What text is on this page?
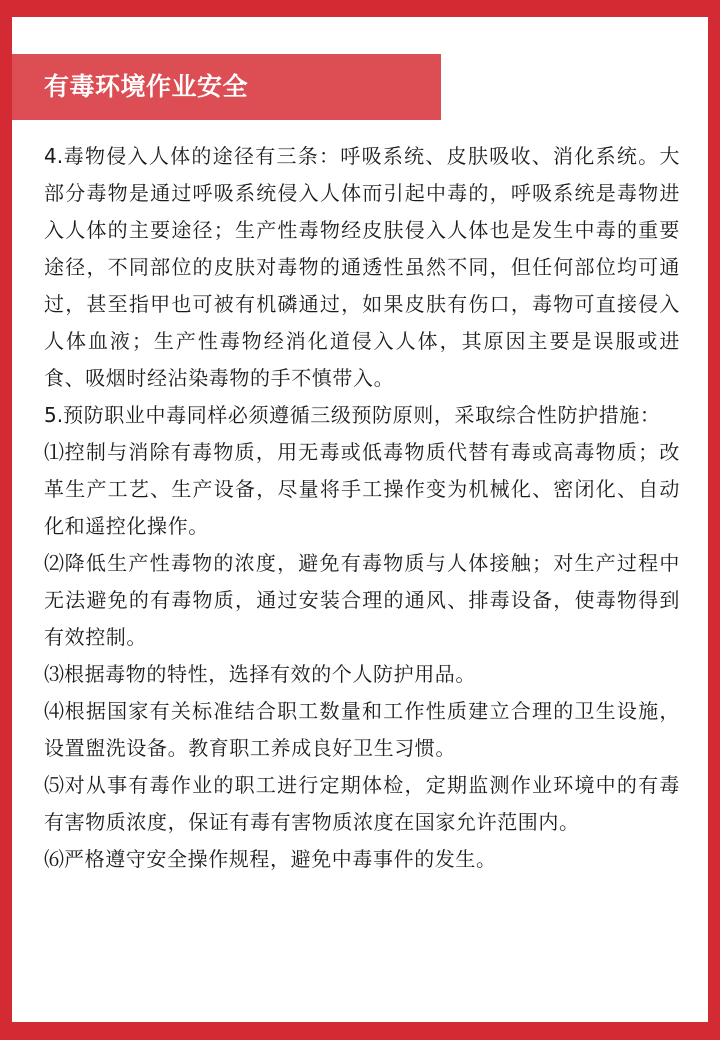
有毒环境作业安全

4.毒物侵入人体的途径有三条：呼吸系统、皮肤吸收、消化系统。大部分毒物是通过呼吸系统侵入人体而引起中毒的，呼吸系统是毒物进入人体的主要途径；生产性毒物经皮肤侵入人体也是发生中毒的重要途径，不同部位的皮肤对毒物的通透性虽然不同，但任何部位均可通过，甚至指甲也可被有机磷通过，如果皮肤有伤口，毒物可直接侵入人体血液；生产性毒物经消化道侵入人体，其原因主要是误服或进食、吸烟时经沾染毒物的手不慎带入。

5.预防职业中毒同样必须遵循三级预防原则，采取综合性防护措施：

⑴控制与消除有毒物质，用无毒或低毒物质代替有毒或高毒物质；改革生产工艺、生产设备，尽量将手工操作变为机械化、密闭化、自动化和遥控化操作。

⑵降低生产性毒物的浓度，避免有毒物质与人体接触；对生产过程中无法避免的有毒物质，通过安装合理的通风、排毒设备，使毒物得到有效控制。

⑶根据毒物的特性，选择有效的个人防护用品。

⑷根据国家有关标准结合职工数量和工作性质建立合理的卫生设施，设置盥洗设备。教育职工养成良好卫生习惯。

⑸对从事有毒作业的职工进行定期体检，定期监测作业环境中的有毒有害物质浓度，保证有毒有害物质浓度在国家允许范围内。

⑹严格遵守安全操作规程，避免中毒事件的发生。
